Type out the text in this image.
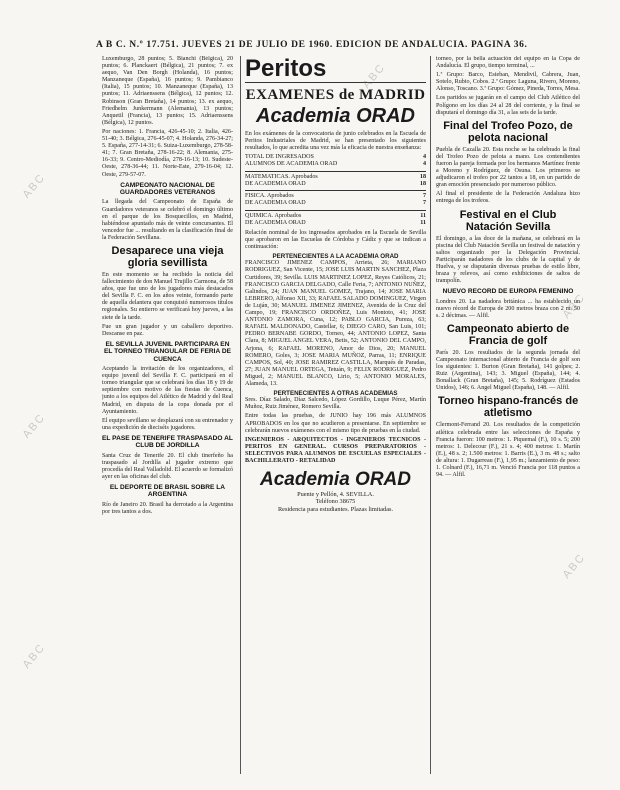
A B C. N.º 17.751. JUEVES 21 DE JULIO DE 1960. EDICION DE ANDALUCIA. PAGINA 36.

Luxemburgo, 28 puntos; 5. Bianchi (Bélgica), 20 puntos; 6. Planckaert (Bélgica), 21 puntos; 7. ex aequo, Van Den Borgh (Holanda), 16 puntos; Manzaneque (España), 16 puntos; 9. Pambianco (Italia), 15 puntos; 10. Manzaneque (España), 13 puntos; 11. Adriaenssens (Bélgica), 12 puntos; 12. Robinson (Gran Bretaña), 14 puntos; 13. ex aequo, Friedhelm Junkermann (Alemania), 13 puntos; Anquetil (Francia), 13 puntos; 15. Adriaenssens (Bélgica), 12 puntos.

Por naciones: 1. Francia, 426-45-10; 2. Italia, 426-51-40; 3. Bélgica, 276-45-07; 4. Holanda, 276-34-27; 5. España, 277-14-31; 6. Suiza-Luxemburgo, 278-58-41; 7. Gran Bretaña, 278-16-22; 8. Alemania, 275-16-33; 9. Centro-Mediodía, 278-16-13; 10. Sudeste-Oeste, 278-36-44; 11. Norte-Este, 279-16-04; 12. Oeste, 279-57-07.

CAMPEONATO NACIONAL DE GUARDADORES VETERANOS

La llegada del Campeonato de España de Guardadores veteranos se celebró el domingo último en el parque de los Bosquecillos, en Madrid, habiéndose apuntado más de veinte concursantes. El vencedor fue ... resultando en la clasificación final de la Federación Sevillana.

Desaparece una vieja gloria sevillista

En este momento se ha recibido la noticia del fallecimiento de don Manuel Trujillo Carmona, de 58 años, que fue uno de los jugadores más destacados del Sevilla F. C. en los años veinte, formando parte de aquella delantera que conquistó numerosos títulos regionales. Su entierro se verificará hoy jueves, a las siete de la tarde.

Fue un gran jugador y un caballero deportivo. Descanse en paz.

EL SEVILLA JUVENIL PARTICIPARA EN EL TORNEO TRIANGULAR DE FERIA DE CUENCA

Aceptando la invitación de los organizadores, el equipo juvenil del Sevilla F. C. participará en el torneo triangular que se celebrará los días 18 y 19 de septiembre con motivo de las fiestas de Cuenca, junto a los equipos del Atlético de Madrid y del Real Madrid, en disputa de la copa donada por el Ayuntamiento.

El equipo sevillano se desplazará con su entrenador y una expedición de dieciséis jugadores.

EL PASE DE TENERIFE TRASPASADO AL CLUB DE JORDILLA

Santa Cruz de Tenerife 20. El club tinerfeño ha traspasado al Jordilla al jugador extremo que procedía del Real Valladolid. El acuerdo se formalizó ayer en las oficinas del club.

EL DEPORTE DE BRASIL SOBRE LA ARGENTINA

Río de Janeiro 20. Brasil ha derrotado a la Argentina por tres tantos a dos.

Peritos
EXAMENES de MADRID
Academia ORAD

En los exámenes de la convocatoria de junio celebrados en la Escuela de Peritos Industriales de Madrid, se han presentado los siguientes resultados, lo que acredita una vez más la eficacia de nuestra enseñanza:

TOTAL DE INGRESADOS	4
ALUMNOS DE ACADEMIA ORAD	4
MATEMATICAS. Aprobados	18
DE ACADEMIA ORAD	18
FISICA. Aprobados	7
DE ACADEMIA ORAD	7
QUIMICA. Aprobados	11
DE ACADEMIA ORAD	11

Relación nominal de los ingresados aprobados en la Escuela de Sevilla que aprobaron en las Escuelas de Córdoba y Cádiz y que se indican a continuación:

PERTENECIENTES A LA ACADEMIA ORAD

FRANCISCO JIMENEZ CAMPOS, Arrieta, 26; MARIANO RODRIGUEZ, San Vicente, 15; JOSE LUIS MARTIN SANCHEZ, Plaza Curtidores, 39; Sevilla. LUIS MARTINEZ LOPEZ, Reyes Católicos, 21; FRANCISCO GARCIA DELGADO, Calle Feria, 7; ANTONIO NUÑEZ, Galindos, 24; JUAN MANUEL GOMEZ, Trajano, 14; JOSE MARIA LEBRERO, Alfonso XII, 33; RAFAEL SALADO DOMINGUEZ, Virgen de Luján, 30; MANUEL JIMENEZ JIMENEZ, Avenida de la Cruz del Campo, 19; FRANCISCO ORDOÑEZ, Luis Montoto, 41; JOSE ANTONIO ZAMORA, Cuna, 12; PABLO GARCIA, Pureza, 63; RAFAEL MALDONADO, Castellar, 6; DIEGO CARO, San Luis, 101; PEDRO BERNABE GORDO, Torneo, 44; ANTONIO LOPEZ, Santa Clara, 8; MIGUEL ANGEL VERA, Betis, 52; ANTONIO DEL CAMPO, Arjona, 6; RAFAEL MORENO, Amor de Dios, 20; MANUEL ROMERO, Goles, 3; JOSE MARIA MUÑOZ, Parras, 11; ENRIQUE CAMPOS, Sol, 40; JOSE RAMIREZ CASTILLA, Marqués de Paradas, 27; JUAN MANUEL ORTEGA, Tetuán, 9; FELIX RODRIGUEZ, Pedro Miguel, 2; MANUEL BLANCO, Lirio, 5; ANTONIO MORALES, Alameda, 13.

PERTENECIENTES A OTRAS ACADEMIAS

Sres. Díaz Salado, Díaz Salcedo, López Gordillo, Luque Pérez, Martín Muñoz, Ruiz Jiménez, Romero Sevilla.

Entre todas las pruebas, de JUNIO hay 196 más ALUMNOS APROBADOS en los que no acudieron a presentarse. En septiembre se celebrarán nuevos exámenes con el mismo tipo de pruebas en la ciudad.

INGENIEROS - ARQUITECTOS - INGENIEROS TECNICOS - PERITOS EN GENERAL. CURSOS PREPARATORIOS - SELECTIVOS PARA ALUMNOS DE ESCUELAS ESPECIALES - BACHILLERATO - RETALIDAD

Academia ORAD
Puente y Pellón, 4. SEVILLA.
Teléfono 38675
Residencia para estudiantes. Plazas limitadas.

torneo, por la bella actuación del equipo en la Copa de Andalucía. El grupo, tiempo terminal, ...

1.ª Grupo: Barco, Esteban, Mendivil, Cabrera, Juan, Sotelo, Rubio, Cobos. 2.ª Grupo: Laguna, Rivero, Moreno, Alonso, Toscano. 3.ª Grupo: Gómez, Pineda, Torres, Mesa.

Los partidos se jugarán en el campo del Club Atlético del Polígono en los días 24 al 28 del corriente, y la final se disputará el domingo día 31, a las seis de la tarde.

Final del Trofeo Pozo, de pelota nacional

Puebla de Cazalla 20. Esta noche se ha celebrado la final del Trofeo Pozo de pelota a mano. Los contendientes fueron la pareja formada por los hermanos Martínez frente a Moreno y Rodríguez, de Osuna. Los primeros se adjudicaron el trofeo por 22 tantos a 18, en un partido de gran emoción presenciado por numeroso público.

Al final el presidente de la Federación Andaluza hizo entrega de los trofeos.

Festival en el Club Natación Sevilla

El domingo, a las doce de la mañana, se celebrará en la piscina del Club Natación Sevilla un festival de natación y saltos organizado por la Delegación Provincial. Participarán nadadores de los clubs de la capital y de Huelva, y se disputarán diversas pruebas de estilo libre, braza y relevos, así como exhibiciones de saltos de trampolín.

NUEVO RECORD DE EUROPA FEMENINO

Londres 20. La nadadora británica ... ha establecido un nuevo récord de Europa de 200 metros braza con 2 m. 50 s. 2 décimas. — Alfil.

Campeonato abierto de Francia de golf

París 20. Los resultados de la segunda jornada del Campeonato internacional abierto de Francia de golf son los siguientes: 1. Burton (Gran Bretaña), 141 golpes; 2. Ruiz (Argentina), 143; 3. Miguel (España), 144; 4. Bonallack (Gran Bretaña), 145; 5. Rodríguez (Estados Unidos), 146; 6. Angel Miguel (España), 148. — Alfil.

Torneo hispano-francés de atletismo

Clermont-Ferrand 20. Los resultados de la competición atlética celebrada entre las selecciones de España y Francia fueron: 100 metros: 1. Piquemal (F.), 10 s. 5; 200 metros: 1. Delecour (F.), 21 s. 4; 400 metros: 1. Martín (E.), 48 s. 2; 1.500 metros: 1. Barris (E.), 3 m. 48 s.; salto de altura: 1. Dugarreau (F.), 1,95 m.; lanzamiento de peso: 1. Colnard (F.), 16,71 m. Venció Francia por 118 puntos a 94. — Alfil.

ABC
ABC
ABC
ABC
ABC
ABC
